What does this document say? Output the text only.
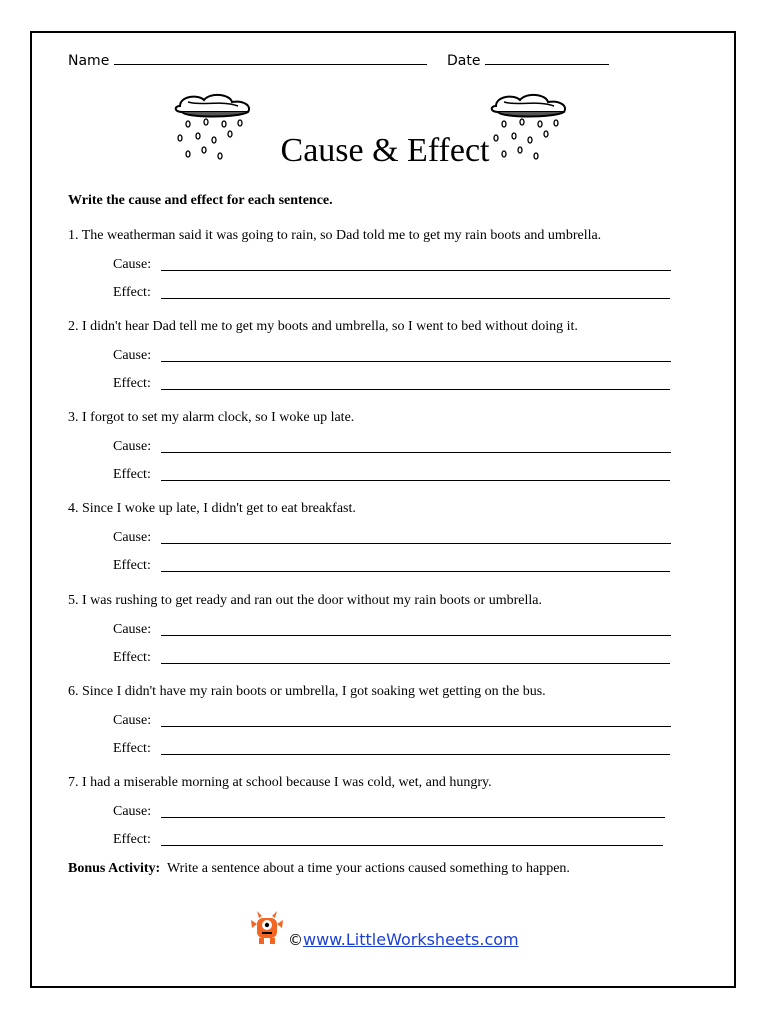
Name	Date
Cause & Effect
Write the cause and effect for each sentence.
1. The weatherman said it was going to rain, so Dad told me to get my rain boots and umbrella.
Cause:
Effect:
2. I didn't hear Dad tell me to get my boots and umbrella, so I went to bed without doing it.
Cause:
Effect:
3. I forgot to set my alarm clock, so I woke up late.
Cause:
Effect:
4. Since I woke up late, I didn't get to eat breakfast.
Cause:
Effect:
5. I was rushing to get ready and ran out the door without my rain boots or umbrella.
Cause:
Effect:
6. Since I didn't have my rain boots or umbrella, I got soaking wet getting on the bus.
Cause:
Effect:
7. I had a miserable morning at school because I was cold, wet, and hungry.
Cause:
Effect:
Bonus Activity: Write a sentence about a time your actions caused something to happen.
©www.LittleWorksheets.com
